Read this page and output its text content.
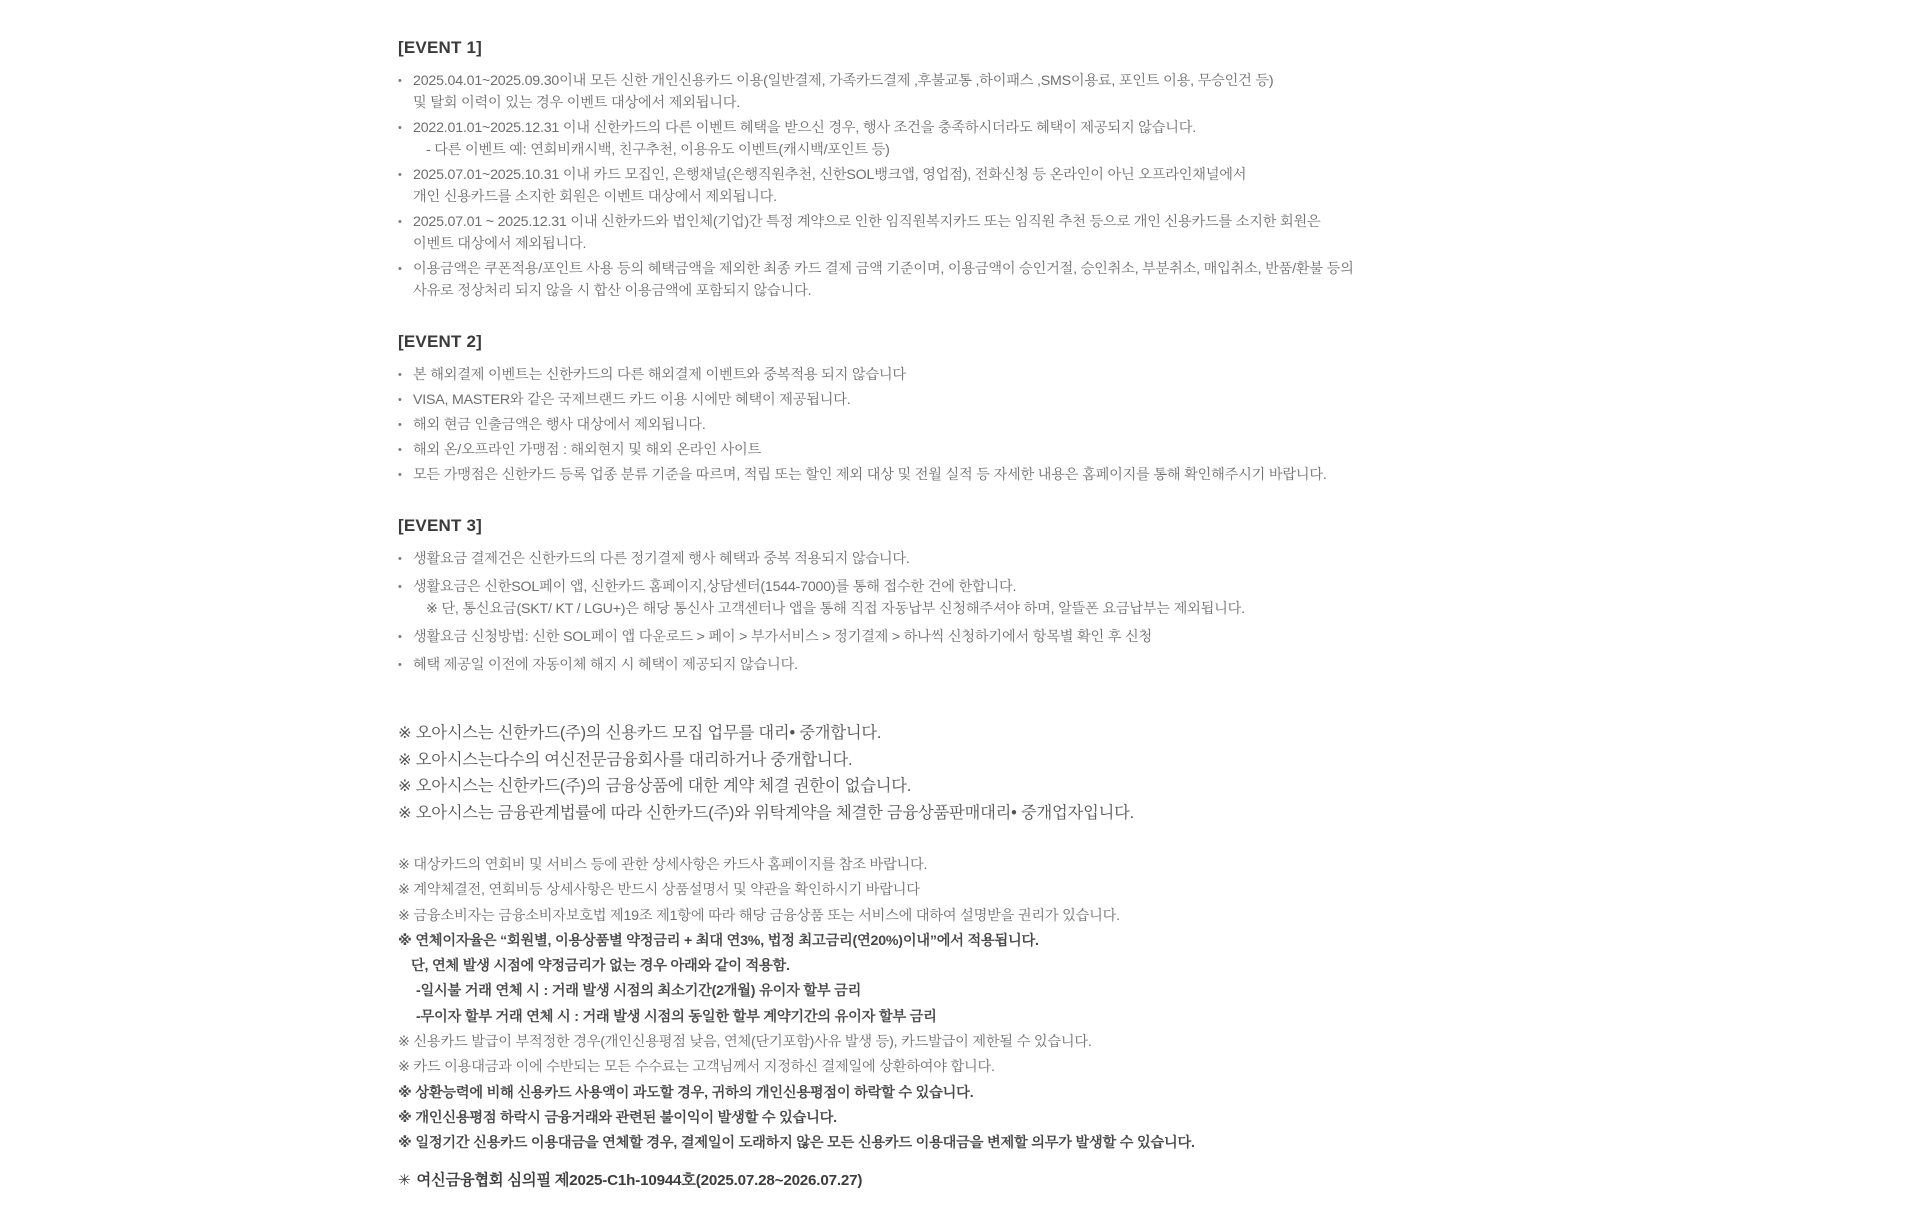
[EVENT 1]
• 2025.04.01~2025.09.30이내 모든 신한 개인신용카드 이용(일반결제, 가족카드결제 ,후불교통 ,하이패스 ,SMS이용료, 포인트 이용, 무승인건 등)
및 탈회 이력이 있는 경우 이벤트 대상에서 제외됩니다.
• 2022.01.01~2025.12.31 이내 신한카드의 다른 이벤트 혜택을 받으신 경우, 행사 조건을 충족하시더라도 혜택이 제공되지 않습니다.
- 다른 이벤트 예: 연회비캐시백, 친구추천, 이용유도 이벤트(캐시백/포인트 등)
• 2025.07.01~2025.10.31 이내 카드 모집인, 은행채널(은행직원추천, 신한SOL뱅크앱, 영업점), 전화신청 등 온라인이 아닌 오프라인채널에서
개인 신용카드를 소지한 회원은 이벤트 대상에서 제외됩니다.
• 2025.07.01 ~ 2025.12.31 이내 신한카드와 법인체(기업)간 특정 계약으로 인한 임직원복지카드 또는 임직원 추천 등으로 개인 신용카드를 소지한 회원은
이벤트 대상에서 제외됩니다.
• 이용금액은 쿠폰적용/포인트 사용 등의 혜택금액을 제외한 최종 카드 결제 금액 기준이며, 이용금액이 승인거절, 승인취소, 부분취소, 매입취소, 반품/환불 등의
사유로 정상처리 되지 않을 시 합산 이용금액에 포함되지 않습니다.
[EVENT 2]
• 본 해외결제 이벤트는 신한카드의 다른 해외결제 이벤트와 중복적용 되지 않습니다
• VISA, MASTER와 같은 국제브랜드 카드 이용 시에만 혜택이 제공됩니다.
• 해외 현금 인출금액은 행사 대상에서 제외됩니다.
• 해외 온/오프라인 가맹점 : 해외현지 및 해외 온라인 사이트
• 모든 가맹점은 신한카드 등록 업종 분류 기준을 따르며, 적립 또는 할인 제외 대상 및 전월 실적 등 자세한 내용은 홈페이지를 통해 확인해주시기 바랍니다.
[EVENT 3]
• 생활요금 결제건은 신한카드의 다른 정기결제 행사 혜택과 중복 적용되지 않습니다.
• 생활요금은 신한SOL페이 앱, 신한카드 홈페이지,상담센터(1544-7000)를 통해 접수한 건에 한합니다.
※ 단, 통신요금(SKT/ KT / LGU+)은 해당 통신사 고객센터나 앱을 통해 직접 자동납부 신청해주셔야 하며, 알뜰폰 요금납부는 제외됩니다.
• 생활요금 신청방법: 신한 SOL페이 앱 다운로드 > 페이 > 부가서비스 > 정기결제 > 하나씩 신청하기에서 항목별 확인 후 신청
• 혜택 제공일 이전에 자동이체 해지 시 혜택이 제공되지 않습니다.
※ 오아시스는 신한카드(주)의 신용카드 모집 업무를 대리• 중개합니다.
※ 오아시스는다수의 여신전문금융회사를 대리하거나 중개합니다.
※ 오아시스는 신한카드(주)의 금융상품에 대한 계약 체결 권한이 없습니다.
※ 오아시스는 금융관계법률에 따라 신한카드(주)와 위탁계약을 체결한 금융상품판매대리• 중개업자입니다.
※ 대상카드의 연회비 및 서비스 등에 관한 상세사항은 카드사 홈페이지를 참조 바랍니다.
※ 계약체결전, 연회비등 상세사항은 반드시 상품설명서 및 약관을 확인하시기 바랍니다
※ 금융소비자는 금융소비자보호법 제19조 제1항에 따라 해당 금융상품 또는 서비스에 대하여 설명받을 권리가 있습니다.
※ 연체이자율은 “회원별, 이용상품별 약정금리 + 최대 연3%, 법정 최고금리(연20%)이내”에서 적용됩니다.
단, 연체 발생 시점에 약정금리가 없는 경우 아래와 같이 적용함.
-일시불 거래 연체 시 : 거래 발생 시점의 최소기간(2개월) 유이자 할부 금리
-무이자 할부 거래 연체 시 : 거래 발생 시점의 동일한 할부 계약기간의 유이자 할부 금리
※ 신용카드 발급이 부적정한 경우(개인신용평점 낮음, 연체(단기포함)사유 발생 등), 카드발급이 제한될 수 있습니다.
※ 카드 이용대금과 이에 수반되는 모든 수수료는 고객님께서 지정하신 결제일에 상환하여야 합니다.
※ 상환능력에 비해 신용카드 사용액이 과도할 경우, 귀하의 개인신용평점이 하락할 수 있습니다.
※ 개인신용평점 하락시 금융거래와 관련된 불이익이 발생할 수 있습니다.
※ 일정기간 신용카드 이용대금을 연체할 경우, 결제일이 도래하지 않은 모든 신용카드 이용대금을 변제할 의무가 발생할 수 있습니다.
✳ 여신금융협회 심의필 제2025-C1h-10944호(2025.07.28~2026.07.27)
